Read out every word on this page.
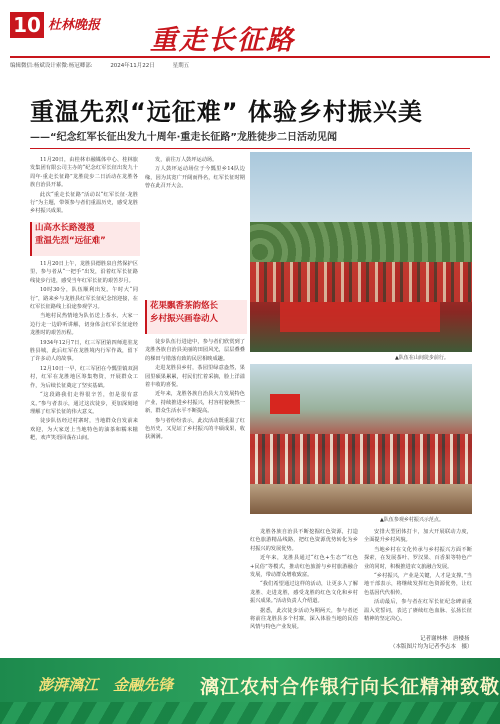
10 杜林晚报 重走长征路
编辑微信:杨斌设计索微:杨冠卿部:	2024年11月22日	星期五
重温先烈“远征难” 体验乡村振兴美
——“纪念红军长征出发九十周年·重走长征路”龙胜徒步二日活动见闻

11月20日，由桂林市融媒体中心、桂林旅发集团有限公司主办的“纪念红军长征出发九十周年·重走长征路”龙胜徒步二日活动在龙胜各族自治县开幕。

此次“重走长征路”活动以“红军长征·龙胜行”为主题，带领参与者们重温历史，感受龙胜乡村振兴成果。

山高水长路漫漫
重温先烈“远征难”

11月20日上午，龙胜县德胜泉自然保护区里，参与者从“一把手”出发，沿着红军长征路线徒步行进，感受当年红军长征的艰苦岁月。

10时30分，队伍顺利出发。午时大“同行”，路来乡与龙胜县红军长征纪念馆迎接，在红军长征路线上沿途参观学习。

当地村民热情地为队伍送上茶水，大家一边行走一边聆听讲解，切身体会红军长征途经龙胜时的艰苦历程。

1934年12月7日，红三军团第四师进驻龙胜县城，此后红军在龙胜境内行军作战，留下了许多动人的故事。

12月10日一早，红三军团在今瓢里镇双洞村，红军在龙胜地区筹集物资，开展群众工作，为后续长征奠定了坚实基础。

“这段路我们走得很辛苦，但是很有意义。”参与者表示，通过这次徒步，更加深刻地理解了红军长征的伟大意义。

徒步队伍经过村寨时，当地群众自发前来欢迎，为大家送上当地特色的油茶和糯米糍粑，欢声笑语回荡在山间。

发，前往万人鼓坪运动场。

万人鼓坪运动场位于今瓢里乡14队边缘，因为其宽广开阔而得名，红军长征时期曾在此召开大会。

花果飘香茶韵悠长
乡村振兴画卷动人

徒步队伍行进途中，参与者们欣赏到了龙胜各族自治县美丽的田园风光，层层叠叠的梯田与错落有致的民居相映成趣。

走进龙胜县乡村，茶园里绿意盎然，果园里硕果累累，村民们忙着采摘，脸上洋溢着丰收的喜悦。

近年来，龙胜各族自治县大力发展特色产业，持续推进乡村振兴，村容村貌焕然一新，群众生活水平不断提高。

参与者纷纷表示，此次活动既重温了红色历史，又见证了乡村振兴的丰硕成果，收获满满。

▲队伍在山间徒步前行。
▲队伍参观乡村振兴示范点。

龙胜各族自治县不断挖掘红色资源，打造红色旅游精品线路，把红色资源优势转化为乡村振兴的发展优势。

近年来，龙胜县通过“红色+生态”“红色+民俗”等模式，推动红色旅游与乡村旅游融合发展，带动群众增收致富。

“我们希望通过这样的活动，让更多人了解龙胜、走进龙胜，感受龙胜的红色文化和乡村振兴成果。”活动负责人介绍道。

据悉，此次徒步活动为期两天，参与者还将前往龙胜县多个村寨，深入体验当地的民俗风情与特色产业发展。

安排大型团体打卡，加大开展联动力度，全面提升乡村风貌。

当地乡村在文化传承与乡村振兴方面不断探索，在发展茶叶、罗汉果、百香果等特色产业的同时，积极推进农文旅融合发展。

“乡村振兴，产业是关键，人才是支撑。”当地干部表示，将继续发挥红色资源优势，让红色基因代代相传。

活动最后，参与者在红军长征纪念碑前重温入党誓词，表达了赓续红色血脉、弘扬长征精神的坚定决心。

记者谢林林　唐楼扬
（本版图片均为记者李志本　摄）
澎湃漓江　金融先锋 漓江农村合作银行向长征精神致敬
